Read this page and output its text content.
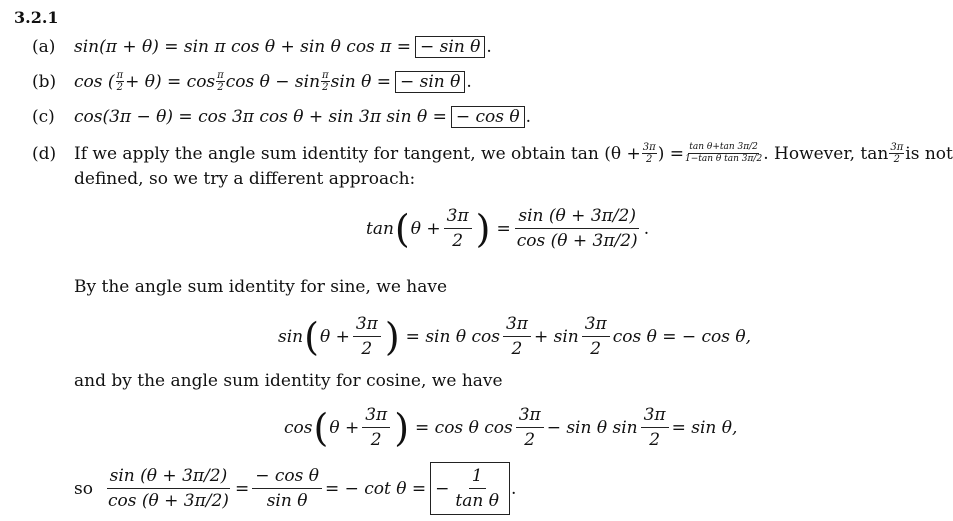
3.2.1
(a)	sin(π + θ) = sin π cos θ + sin θ cos π = − sin θ .
(b)	cos ( $\frac{\pi}{2} + \theta) = \cos \frac{\pi}{2}$ $\cos \theta - \sin \frac{\pi}{2}$ sin θ = − sin θ .
(c)	cos(3π − θ) = cos 3π cos θ + sin 3π sin θ = − cos θ .
(d)	If we apply the angle sum identity for tangent, we obtain $\tan (\theta + \frac{3\pi}{2}$ ) = $\frac{\text{tan θ+tan 3π/2}}{\text{1−tan θ tan 3π/2}}$ . However, $\tan \frac{3\pi}{2}$ is not
defined, so we try a different approach:
tan ( $\theta + \frac{3\pi}{2}$ ) = $\frac{\sin (\theta + 3\pi/2)}{\cos (\theta + 3\pi/2)}$ .
By the angle sum identity for sine, we have
sin ( $\theta + \frac{3\pi}{2}$ ) = sin θ $\cos \frac{3\pi}{2} + \sin \frac{3\pi}{2}$ cos θ = − cos θ,
and by the angle sum identity for cosine, we have
cos ( $\theta + \frac{3\pi}{2}$ ) = cos θ $\cos \frac{3\pi}{2} - \sin \theta$ $\sin \frac{3\pi}{2} = \sin \theta$,
so $\frac{\sin (\theta + 3\pi/2)}{\cos (\theta + 3\pi/2)} = \frac{\text{− cos θ}}{\text{sin θ}}$ = − cot θ = − $\frac{1}{\text{tan θ}}$ .
